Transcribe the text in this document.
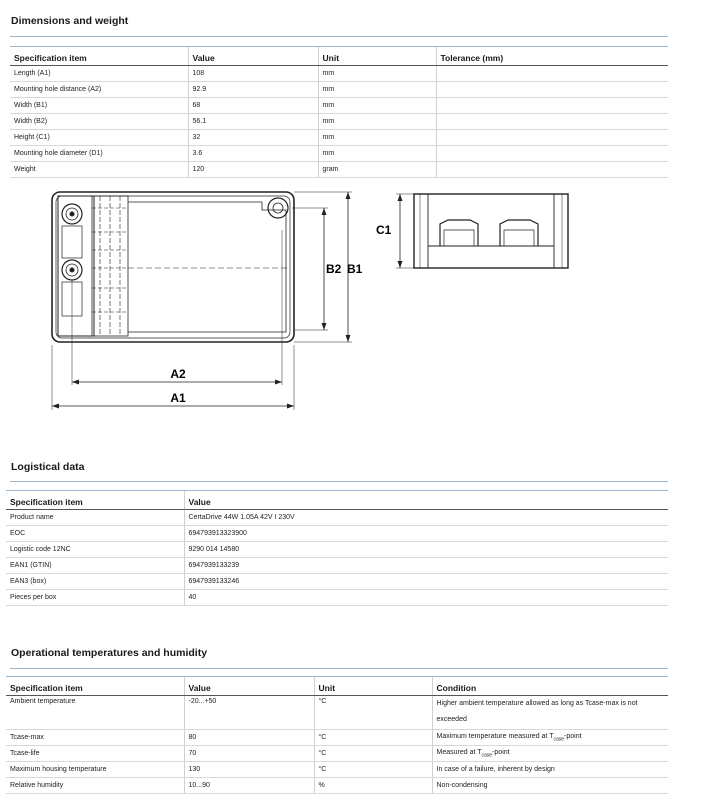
Dimensions and weight
Specification item	Value	Unit	Tolerance (mm)
Length (A1)	108	mm	
Mounting hole distance (A2)	92.9	mm	
Width (B1)	68	mm	
Width (B2)	56.1	mm	
Height (C1)	32	mm	
Mounting hole diameter (D1)	3.6	mm	
Weight	120	gram	
A2
A1
B2 B1
C1
Logistical data
Specification item	Value
Product name	CertaDrive 44W 1.05A 42V I 230V
EOC	694793913323900
Logistic code 12NC	9290 014 14580
EAN1 (GTIN)	6947939133239
EAN3 (box)	6947939133246
Pieces per box	40
Operational temperatures and humidity
Specification item	Value	Unit	Condition
Ambient temperature	-20...+50	°C	Higher ambient temperature allowed as long as Tcase-max is not exceeded
Tcase-max	80	°C	Maximum temperature measured at $T_{case}$-point
Tcase-life	70	°C	Measured at $T_{case}$-point
Maximum housing temperature	130	°C	In case of a failure, inherent by design
Relative humidity	10...90	%	Non-condensing
